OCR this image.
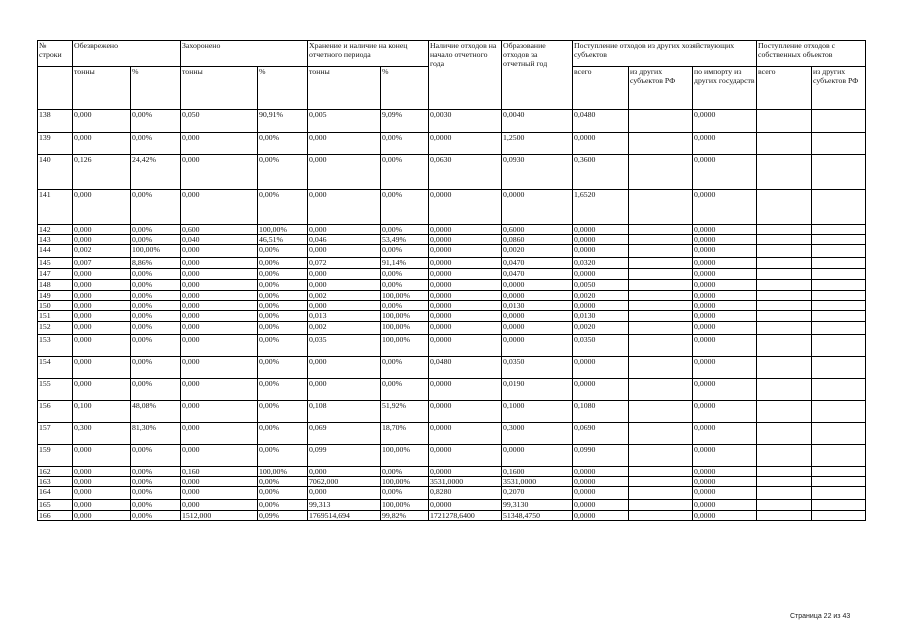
№ строки	Обезврежено		Захоронено		Хранение и наличие на конец отчетного периода		Наличие отходов на начало отчетного года	Образование отходов за отчетный год	Поступление отходов из других хозяйствующих субъектов			Поступление отходов с собственных объектов	
	тонны	%	тонны	%	тонны	%			всего	из других субъектов РФ	по импорту из других государств	всего	из других субъектов РФ
138	0,000	0,00%	0,050	90,91%	0,005	9,09%	0,0030	0,0040	0,0480		0,0000		
139	0,000	0,00%	0,000	0,00%	0,000	0,00%	0,0000	1,2500	0,0000		0,0000		
140	0,126	24,42%	0,000	0,00%	0,000	0,00%	0,0630	0,0930	0,3600		0,0000		
141	0,000	0,00%	0,000	0,00%	0,000	0,00%	0,0000	0,0000	1,6520		0,0000		
142	0,000	0,00%	0,600	100,00%	0,000	0,00%	0,0000	0,6000	0,0000		0,0000		
143	0,000	0,00%	0,040	46,51%	0,046	53,49%	0,0000	0,0860	0,0000		0,0000		
144	0,002	100,00%	0,000	0,00%	0,000	0,00%	0,0000	0,0020	0,0000		0,0000		
145	0,007	8,86%	0,000	0,00%	0,072	91,14%	0,0000	0,0470	0,0320		0,0000		
147	0,000	0,00%	0,000	0,00%	0,000	0,00%	0,0000	0,0470	0,0000		0,0000		
148	0,000	0,00%	0,000	0,00%	0,000	0,00%	0,0000	0,0000	0,0050		0,0000		
149	0,000	0,00%	0,000	0,00%	0,002	100,00%	0,0000	0,0000	0,0020		0,0000		
150	0,000	0,00%	0,000	0,00%	0,000	0,00%	0,0000	0,0130	0,0000		0,0000		
151	0,000	0,00%	0,000	0,00%	0,013	100,00%	0,0000	0,0000	0,0130		0,0000		
152	0,000	0,00%	0,000	0,00%	0,002	100,00%	0,0000	0,0000	0,0020		0,0000		
153	0,000	0,00%	0,000	0,00%	0,035	100,00%	0,0000	0,0000	0,0350		0,0000		
154	0,000	0,00%	0,000	0,00%	0,000	0,00%	0,0480	0,0350	0,0000		0,0000		
155	0,000	0,00%	0,000	0,00%	0,000	0,00%	0,0000	0,0190	0,0000		0,0000		
156	0,100	48,08%	0,000	0,00%	0,108	51,92%	0,0000	0,1000	0,1080		0,0000		
157	0,300	81,30%	0,000	0,00%	0,069	18,70%	0,0000	0,3000	0,0690		0,0000		
159	0,000	0,00%	0,000	0,00%	0,099	100,00%	0,0000	0,0000	0,0990		0,0000		
162	0,000	0,00%	0,160	100,00%	0,000	0,00%	0,0000	0,1600	0,0000		0,0000		
163	0,000	0,00%	0,000	0,00%	7062,000	100,00%	3531,0000	3531,0000	0,0000		0,0000		
164	0,000	0,00%	0,000	0,00%	0,000	0,00%	0,8280	0,2070	0,0000		0,0000		
165	0,000	0,00%	0,000	0,00%	99,313	100,00%	0,0000	99,3130	0,0000		0,0000		
166	0,000	0,00%	1512,000	0,09%	1769514,694	99,82%	1721278,6400	51348,4750	0,0000		0,0000		
Страница 22 из 43
